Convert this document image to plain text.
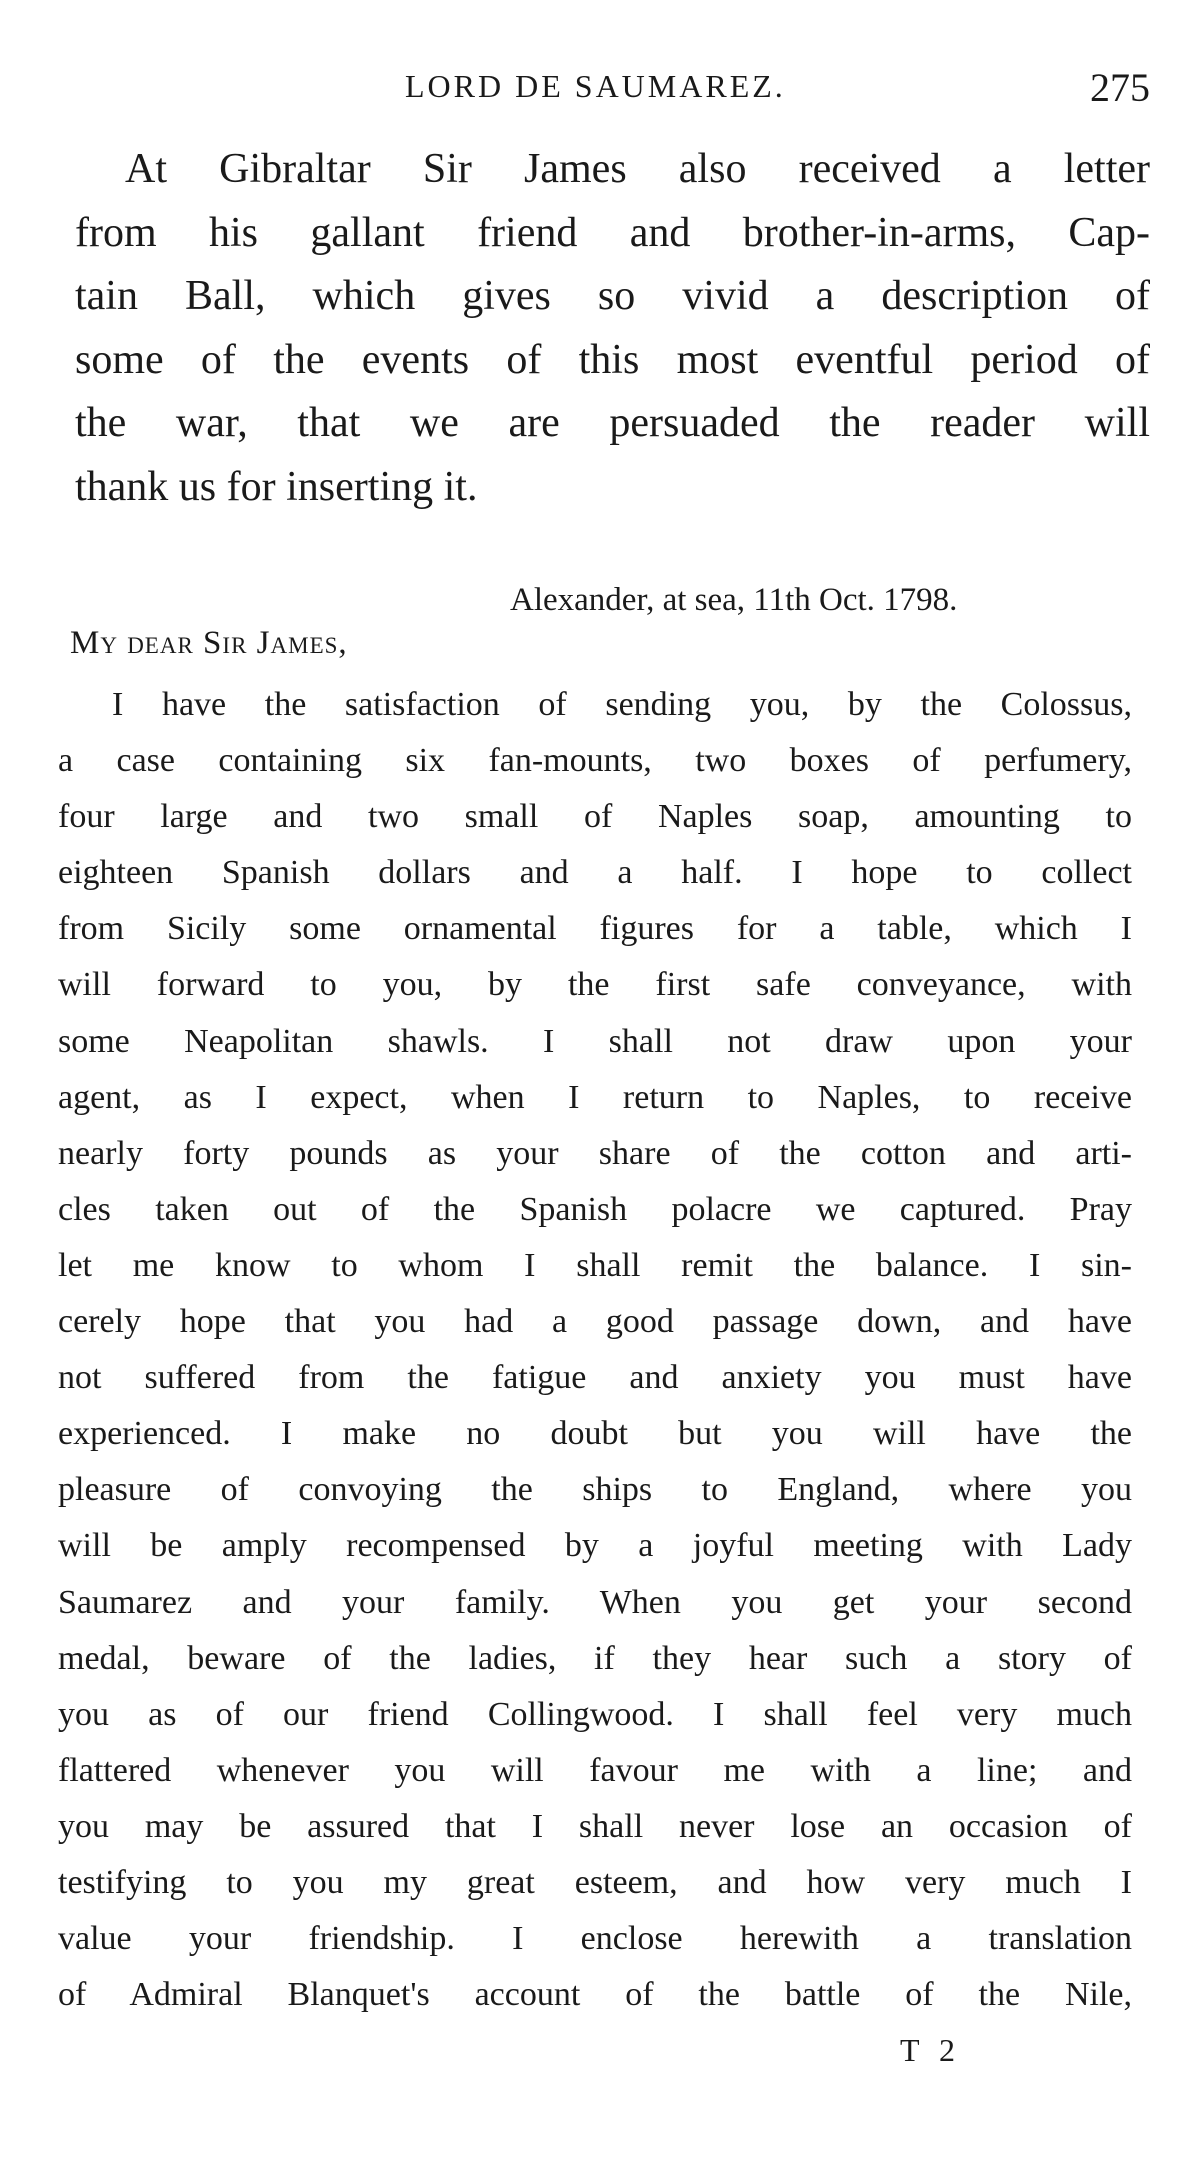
LORD DE SAUMAREZ.	275
At Gibraltar Sir James also received a letter
from his gallant friend and brother-in-arms, Cap-
tain Ball, which gives so vivid a description of
some of the events of this most eventful period of
the war, that we are persuaded the reader will
thank us for inserting it.
Alexander, at sea, 11th Oct. 1798.
My dear Sir James,
I have the satisfaction of sending you, by the Colossus,
a case containing six fan-mounts, two boxes of perfumery,
four large and two small of Naples soap, amounting to
eighteen Spanish dollars and a half. I hope to collect
from Sicily some ornamental figures for a table, which I
will forward to you, by the first safe conveyance, with
some Neapolitan shawls. I shall not draw upon your
agent, as I expect, when I return to Naples, to receive
nearly forty pounds as your share of the cotton and arti-
cles taken out of the Spanish polacre we captured. Pray
let me know to whom I shall remit the balance. I sin-
cerely hope that you had a good passage down, and have
not suffered from the fatigue and anxiety you must have
experienced. I make no doubt but you will have the
pleasure of convoying the ships to England, where you
will be amply recompensed by a joyful meeting with Lady
Saumarez and your family. When you get your second
medal, beware of the ladies, if they hear such a story of
you as of our friend Collingwood. I shall feel very much
flattered whenever you will favour me with a line; and
you may be assured that I shall never lose an occasion of
testifying to you my great esteem, and how very much I
value your friendship. I enclose herewith a translation
of Admiral Blanquet's account of the battle of the Nile,
T 2
